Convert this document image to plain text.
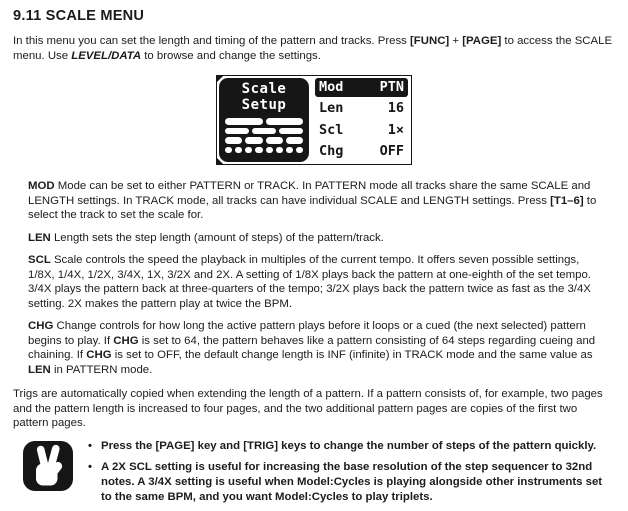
9.11 SCALE MENU

In this menu you can set the length and timing of the pattern and tracks. Press [FUNC] + [PAGE] to access the SCALE menu. Use LEVEL/DATA to browse and change the settings.

Scale
Setup
Mod	PTN
Len	16
Scl	1×
Chg	OFF

MOD Mode can be set to either PATTERN or TRACK. In PATTERN mode all tracks share the same SCALE and LENGTH settings. In TRACK mode, all tracks can have individual SCALE and LENGTH settings. Press [T1–6] to select the track to set the scale for.

LEN Length sets the step length (amount of steps) of the pattern/track.

SCL Scale controls the speed the playback in multiples of the current tempo. It offers seven possible settings, 1/8X, 1/4X, 1/2X, 3/4X, 1X, 3/2X and 2X. A setting of 1/8X plays back the pattern at one-eighth of the set tempo. 3/4X plays the pattern back at three-quarters of the tempo; 3/2X plays back the pattern twice as fast as the 3/4X setting. 2X makes the pattern play at twice the BPM.

CHG Change controls for how long the active pattern plays before it loops or a cued (the next selected) pattern begins to play. If CHG is set to 64, the pattern behaves like a pattern consisting of 64 steps regarding cueing and chaining. If CHG is set to OFF, the default change length is INF (infinite) in TRACK mode and the same value as LEN in PATTERN mode.

Trigs are automatically copied when extending the length of a pattern. If a pattern consists of, for example, two pages and the pattern length is increased to four pages, and the two additional pattern pages are copies of the first two pattern pages.

• Press the [PAGE] key and [TRIG] keys to change the number of steps of the pattern quickly.
• A 2X SCL setting is useful for increasing the base resolution of the step sequencer to 32nd notes. A 3/4X setting is useful when Model:Cycles is playing alongside other instruments set to the same BPM, and you want Model:Cycles to play triplets.
